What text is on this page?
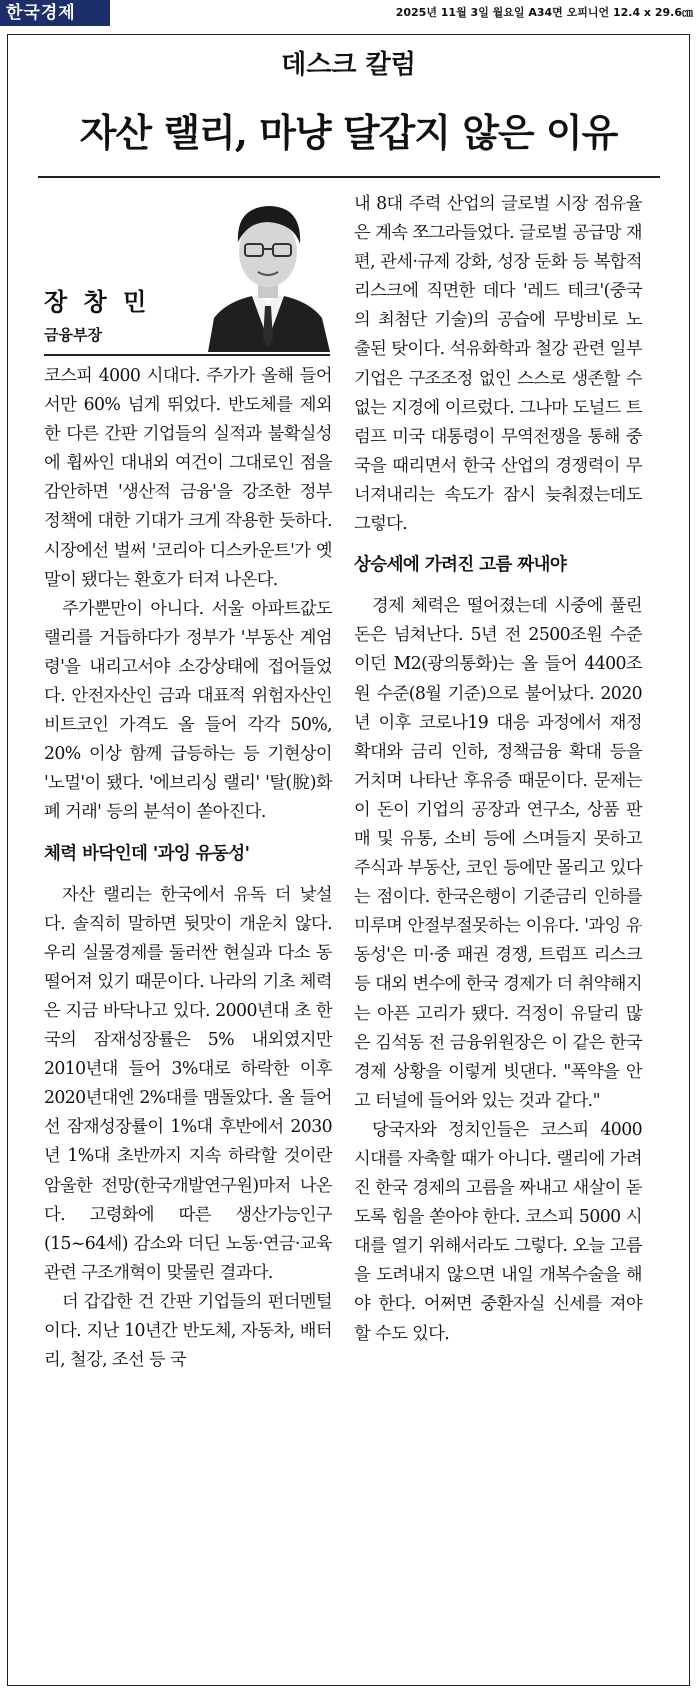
한국경제	2025년 11월 3일 월요일 A34면 오피니언 12.4 x 29.6㎝
데스크 칼럼
자산 랠리, 마냥 달갑지 않은 이유
장 창 민
금융부장

코스피 4000 시대다. 주가가 올해 들어서만 60% 넘게 뛰었다. 반도체를 제외한 다른 간판 기업들의 실적과 불확실성에 휩싸인 대내외 여건이 그대로인 점을 감안하면 '생산적 금융'을 강조한 정부 정책에 대한 기대가 크게 작용한 듯하다. 시장에선 벌써 '코리아 디스카운트'가 옛말이 됐다는 환호가 터져 나온다.

주가뿐만이 아니다. 서울 아파트값도 랠리를 거듭하다가 정부가 '부동산 계엄령'을 내리고서야 소강상태에 접어들었다. 안전자산인 금과 대표적 위험자산인 비트코인 가격도 올 들어 각각 50%, 20% 이상 함께 급등하는 등 기현상이 '노멀'이 됐다. '에브리싱 랠리' '탈(脫)화폐 거래' 등의 분석이 쏟아진다.

체력 바닥인데 '과잉 유동성'

자산 랠리는 한국에서 유독 더 낯설다. 솔직히 말하면 뒷맛이 개운치 않다. 우리 실물경제를 둘러싼 현실과 다소 동떨어져 있기 때문이다. 나라의 기초 체력은 지금 바닥나고 있다. 2000년대 초 한국의 잠재성장률은 5% 내외였지만 2010년대 들어 3%대로 하락한 이후 2020년대엔 2%대를 맴돌았다. 올 들어선 잠재성장률이 1%대 후반에서 2030년 1%대 초반까지 지속 하락할 것이란 암울한 전망(한국개발연구원)마저 나온다. 고령화에 따른 생산가능인구(15~64세) 감소와 더딘 노동·연금·교육 관련 구조개혁이 맞물린 결과다.

더 갑갑한 건 간판 기업들의 펀더멘털이다. 지난 10년간 반도체, 자동차, 배터리, 철강, 조선 등 국

내 8대 주력 산업의 글로벌 시장 점유율은 계속 쪼그라들었다. 글로벌 공급망 재편, 관세·규제 강화, 성장 둔화 등 복합적 리스크에 직면한 데다 '레드 테크'(중국의 최첨단 기술)의 공습에 무방비로 노출된 탓이다. 석유화학과 철강 관련 일부 기업은 구조조정 없인 스스로 생존할 수 없는 지경에 이르렀다. 그나마 도널드 트럼프 미국 대통령이 무역전쟁을 통해 중국을 때리면서 한국 산업의 경쟁력이 무너져내리는 속도가 잠시 늦춰졌는데도 그렇다.

상승세에 가려진 고름 짜내야

경제 체력은 떨어졌는데 시중에 풀린 돈은 넘쳐난다. 5년 전 2500조원 수준이던 M2(광의통화)는 올 들어 4400조원 수준(8월 기준)으로 불어났다. 2020년 이후 코로나19 대응 과정에서 재정 확대와 금리 인하, 정책금융 확대 등을 거치며 나타난 후유증 때문이다. 문제는 이 돈이 기업의 공장과 연구소, 상품 판매 및 유통, 소비 등에 스며들지 못하고 주식과 부동산, 코인 등에만 몰리고 있다는 점이다. 한국은행이 기준금리 인하를 미루며 안절부절못하는 이유다. '과잉 유동성'은 미·중 패권 경쟁, 트럼프 리스크 등 대외 변수에 한국 경제가 더 취약해지는 아픈 고리가 됐다. 걱정이 유달리 많은 김석동 전 금융위원장은 이 같은 한국 경제 상황을 이렇게 빗댄다. "폭약을 안고 터널에 들어와 있는 것과 같다."

당국자와 정치인들은 코스피 4000 시대를 자축할 때가 아니다. 랠리에 가려진 한국 경제의 고름을 짜내고 새살이 돋도록 힘을 쏟아야 한다. 코스피 5000 시대를 열기 위해서라도 그렇다. 오늘 고름을 도려내지 않으면 내일 개복수술을 해야 한다. 어쩌면 중환자실 신세를 져야 할 수도 있다.
